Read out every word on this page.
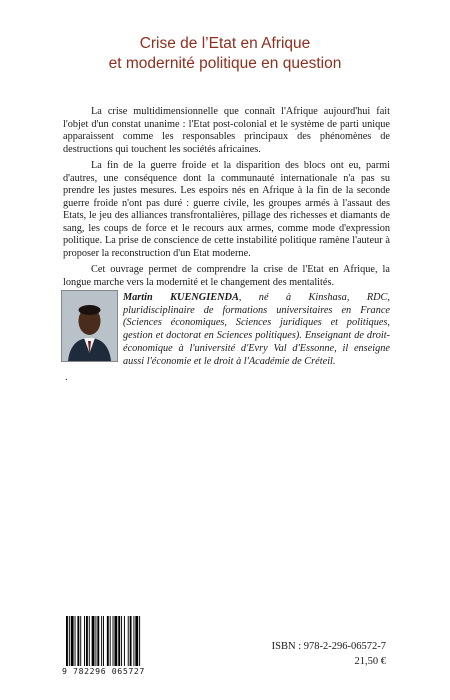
Crise de l’Etat en Afrique
et modernité politique en question

La crise multidimensionnelle que connaît l'Afrique aujourd'hui fait l'objet d'un constat unanime : l'Etat post-colonial et le système de parti unique apparaissent comme les responsables principaux des phénomènes de destructions qui touchent les sociétés africaines.

La fin de la guerre froide et la disparition des blocs ont eu, parmi d'autres, une conséquence dont la communauté internationale n'a pas su prendre les justes mesures. Les espoirs nés en Afrique à la fin de la seconde guerre froide n'ont pas duré : guerre civile, les groupes armés à l'assaut des Etats, le jeu des alliances transfrontalières, pillage des richesses et diamants de sang, les coups de force et le recours aux armes, comme mode d'expression politique. La prise de conscience de cette instabilité politique ramène l'auteur à proposer la reconstruction d'un Etat moderne.

Cet ouvrage permet de comprendre la crise de l'Etat en Afrique, la longue marche vers la modernité et le changement des mentalités.

Martin KUENGIENDA, né à Kinshasa, RDC, pluridisciplinaire de formations universitaires en France (Sciences économiques, Sciences juridiques et politiques, gestion et doctorat en Sciences politiques). Enseignant de droit-économique à l'université d'Evry Val d'Essonne, il enseigne aussi l'économie et le droit à l'Académie de Créteil.
.
9 782296 065727
ISBN : 978-2-296-06572-7
21,50 €
